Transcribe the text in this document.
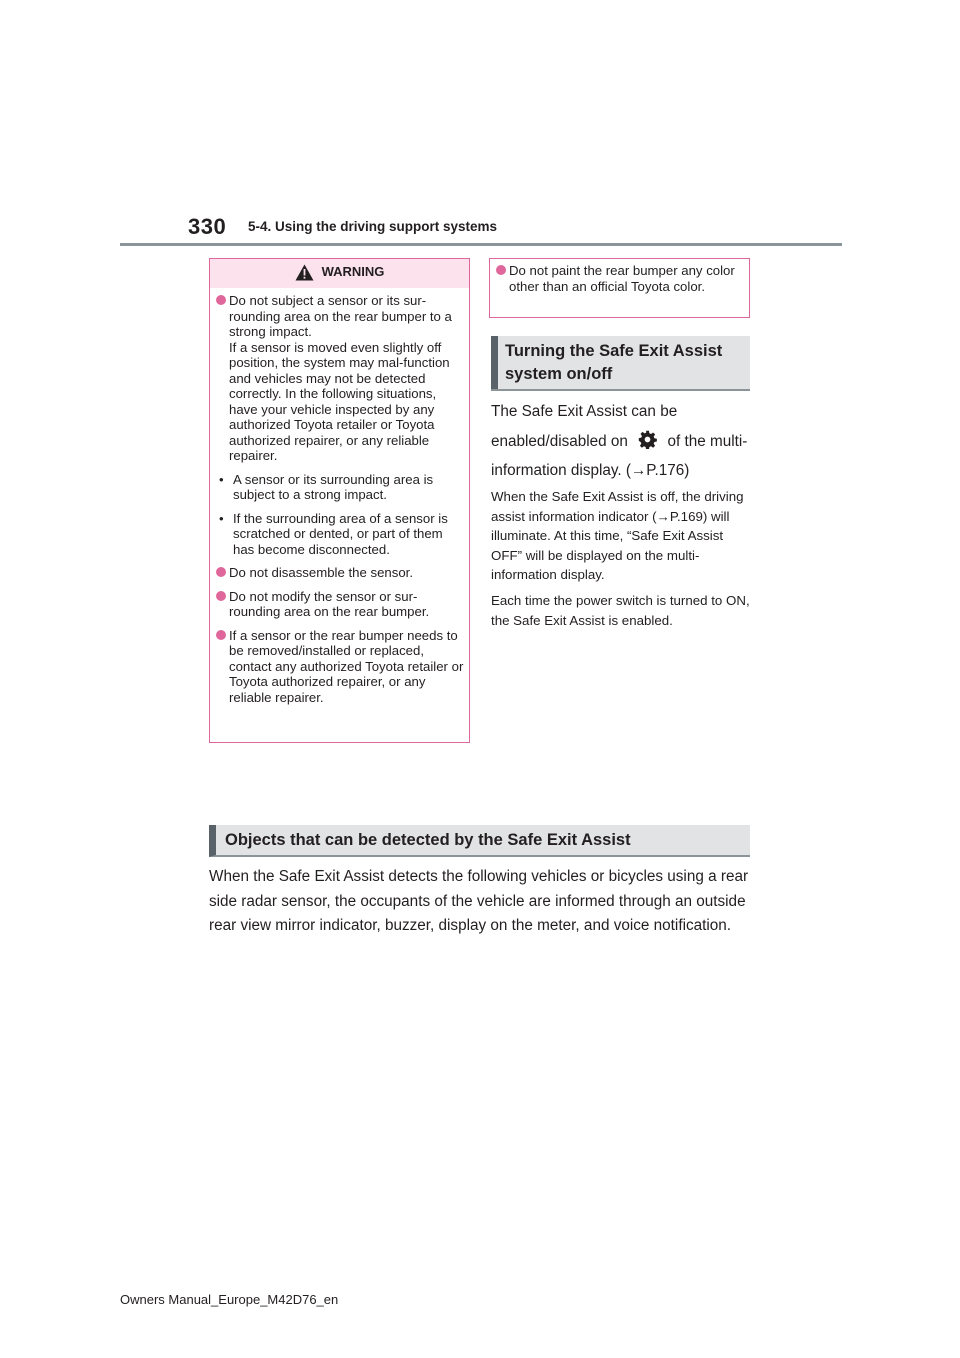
330 5-4. Using the driving support systems
WARNING

Do not subject a sensor or its sur-rounding area on the rear bumper to a strong impact.

If a sensor is moved even slightly off position, the system may mal-function and vehicles may not be detected correctly. In the following situations, have your vehicle inspected by any authorized Toyota retailer or Toyota authorized repairer, or any reliable repairer.

• A sensor or its surrounding area is subject to a strong impact.

• If the surrounding area of a sensor is scratched or dented, or part of them has become disconnected.

Do not disassemble the sensor.

Do not modify the sensor or sur-rounding area on the rear bumper.

If a sensor or the rear bumper needs to be removed/installed or replaced, contact any authorized Toyota retailer or Toyota authorized repairer, or any reliable repairer.

Do not paint the rear bumper any color other than an official Toyota color.

Turning the Safe Exit Assist system on/off
The Safe Exit Assist can be enabled/disabled on	of the multi-information display. (→P.176)
When the Safe Exit Assist is off, the driving assist information indicator (→P.169) will illuminate. At this time, “Safe Exit Assist OFF” will be displayed on the multi-information display.
Each time the power switch is turned to ON, the Safe Exit Assist is enabled.
Objects that can be detected by the Safe Exit Assist
When the Safe Exit Assist detects the following vehicles or bicycles using a rear side radar sensor, the occupants of the vehicle are informed through an outside rear view mirror indicator, buzzer, display on the meter, and voice notification.
Owners Manual_Europe_M42D76_en
